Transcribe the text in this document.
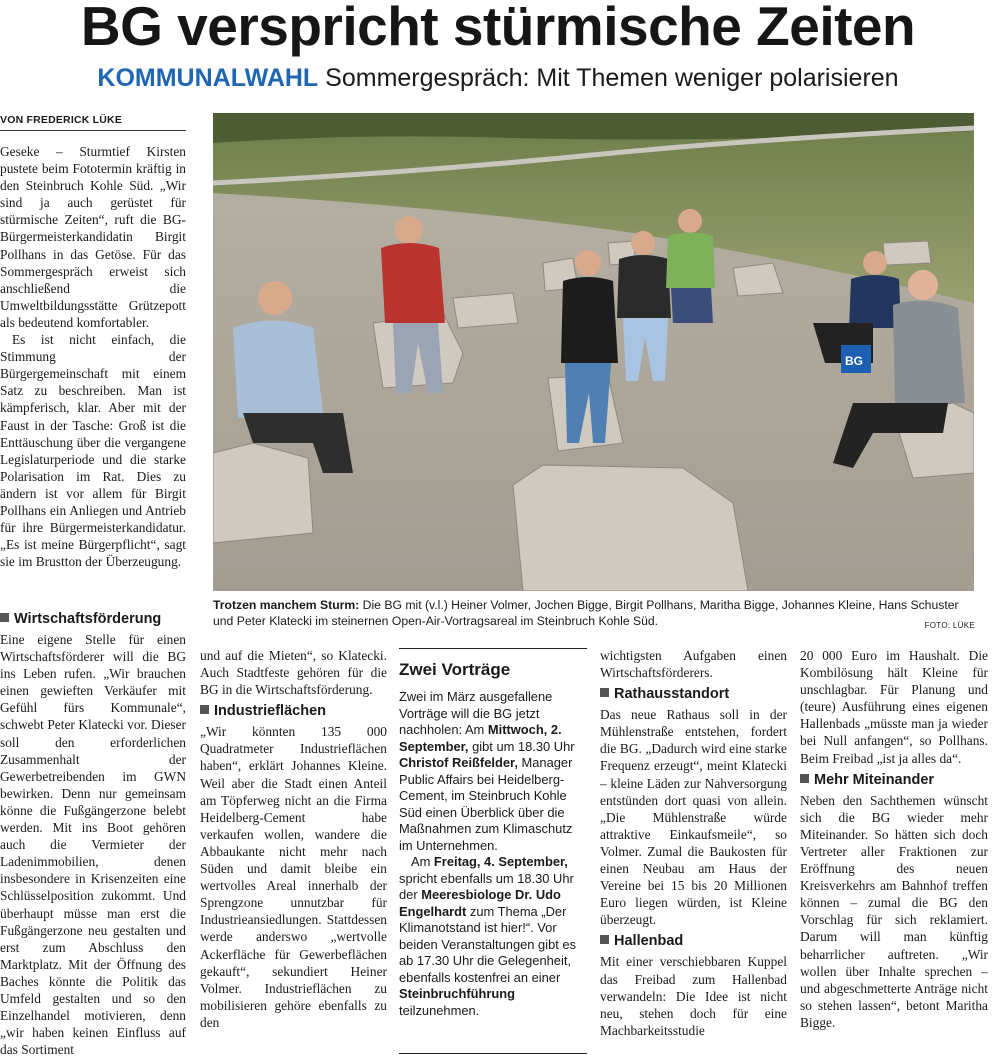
BG verspricht stürmische Zeiten
KOMMUNALWAHL Sommergespräch: Mit Themen weniger polarisieren
VON FREDERICK LÜKE

Geseke – Sturmtief Kirsten pustete beim Fototermin kräftig in den Steinbruch Kohle Süd. „Wir sind ja auch gerüstet für stürmische Zeiten“, ruft die BG-Bürgermeisterkandidatin Birgit Pollhans in das Getöse. Für das Sommergespräch erweist sich anschließend die Umweltbildungsstätte Grützepott als bedeutend komfortabler.

Es ist nicht einfach, die Stimmung der Bürgergemeinschaft mit einem Satz zu beschreiben. Man ist kämpferisch, klar. Aber mit der Faust in der Tasche: Groß ist die Enttäuschung über die vergangene Legislaturperiode und die starke Polarisation im Rat. Dies zu ändern ist vor allem für Birgit Pollhans ein Anliegen und Antrieb für ihre Bürgermeisterkandidatur. „Es ist meine Bürgerpflicht“, sagt sie im Brustton der Überzeugung.

Wirtschaftsförderung

Eine eigene Stelle für einen Wirtschaftsförderer will die BG ins Leben rufen. „Wir brauchen einen gewieften Verkäufer mit Gefühl fürs Kommunale“, schwebt Peter Klatecki vor. Dieser soll den erforderlichen Zusammenhalt der Gewerbetreibenden im GWN bewirken. Denn nur gemeinsam könne die Fußgängerzone belebt werden. Mit ins Boot gehören auch die Vermieter der Ladenimmobilien, denen insbesondere in Krisenzeiten eine Schlüsselposition zukommt. Und überhaupt müsse man erst die Fußgängerzone neu gestalten und erst zum Abschluss den Marktplatz. Mit der Öffnung des Baches könnte die Politik das Umfeld gestalten und so den Einzelhandel motivieren, denn „wir haben keinen Einfluss auf das Sortiment

BG
Trotzen manchem Sturm: Die BG mit (v.l.) Heiner Volmer, Jochen Bigge, Birgit Pollhans, Maritha Bigge, Johannes Kleine, Hans Schuster und Peter Klatecki im steinernen Open-Air-Vortragsareal im Steinbruch Kohle Süd.	FOTO: LÜKE

und auf die Mieten“, so Klatecki. Auch Stadtfeste gehören für die BG in die Wirtschaftsförderung.

Industrieflächen

„Wir könnten 135 000 Quadratmeter Industrieflächen haben“, erklärt Johannes Kleine. Weil aber die Stadt einen Anteil am Töpferweg nicht an die Firma Heidelberg-Cement habe verkaufen wollen, wandere die Abbaukante nicht mehr nach Süden und damit bleibe ein wertvolles Areal innerhalb der Sprengzone unnutzbar für Industrieansiedlungen. Stattdessen werde anderswo „wertvolle Ackerfläche für Gewerbeflächen gekauft“, sekundiert Heiner Volmer. Industrieflächen zu mobilisieren gehöre ebenfalls zu den

Zwei Vorträge

Zwei im März ausgefallene Vorträge will die BG jetzt nachholen: Am Mittwoch, 2. September, gibt um 18.30 Uhr Christof Reißfelder, Manager Public Affairs bei Heidelberg-Cement, im Steinbruch Kohle Süd einen Überblick über die Maßnahmen zum Klimaschutz im Unternehmen.

Am Freitag, 4. September, spricht ebenfalls um 18.30 Uhr der Meeresbiologe Dr. Udo Engelhardt zum Thema „Der Klimanotstand ist hier!“. Vor beiden Veranstaltungen gibt es ab 17.30 Uhr die Gelegenheit, ebenfalls kostenfrei an einer Steinbruchführung teilzunehmen.

wichtigsten Aufgaben einen Wirtschaftsförderers.

Rathausstandort

Das neue Rathaus soll in der Mühlenstraße entstehen, fordert die BG. „Dadurch wird eine starke Frequenz erzeugt“, meint Klatecki – kleine Läden zur Nahversorgung entstünden dort quasi von allein. „Die Mühlenstraße würde attraktive Einkaufsmeile“, so Volmer. Zumal die Baukosten für einen Neubau am Haus der Vereine bei 15 bis 20 Millionen Euro liegen würden, ist Kleine überzeugt.

Hallenbad

Mit einer verschiebbaren Kuppel das Freibad zum Hallenbad verwandeln: Die Idee ist nicht neu, stehen doch für eine Machbarkeitsstudie

20 000 Euro im Haushalt. Die Kombilösung hält Kleine für unschlagbar. Für Planung und (teure) Ausführung eines eigenen Hallenbads „müsste man ja wieder bei Null anfangen“, so Pollhans. Beim Freibad „ist ja alles da“.

Mehr Miteinander

Neben den Sachthemen wünscht sich die BG wieder mehr Miteinander. So hätten sich doch Vertreter aller Fraktionen zur Eröffnung des neuen Kreisverkehrs am Bahnhof treffen können – zumal die BG den Vorschlag für sich reklamiert. Darum will man künftig beharrlicher auftreten. „Wir wollen über Inhalte sprechen – und abgeschmetterte Anträge nicht so stehen lassen“, betont Maritha Bigge.
